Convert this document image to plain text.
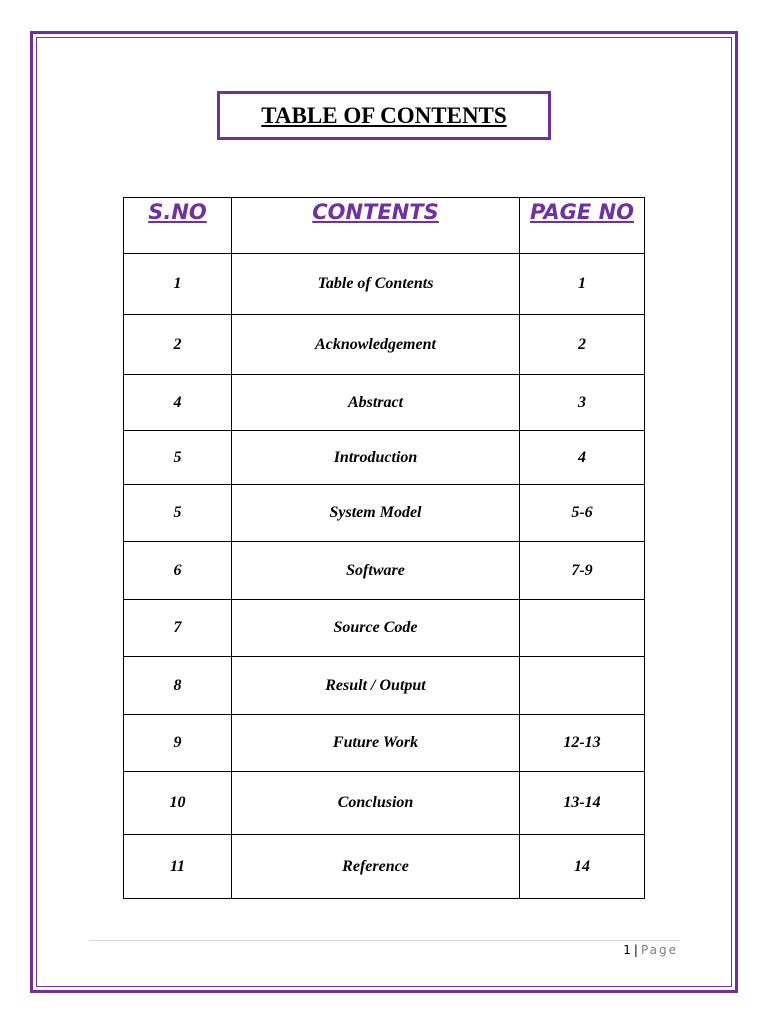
TABLE OF CONTENTS
S.NO	CONTENTS	PAGE NO
1	Table of Contents	1
2	Acknowledgement	2
4	Abstract	3
5	Introduction	4
5	System Model	5-6
6	Software	7-9
7	Source Code	
8	Result / Output	
9	Future Work	12-13
10	Conclusion	13-14
11	Reference	14
1 | Page
